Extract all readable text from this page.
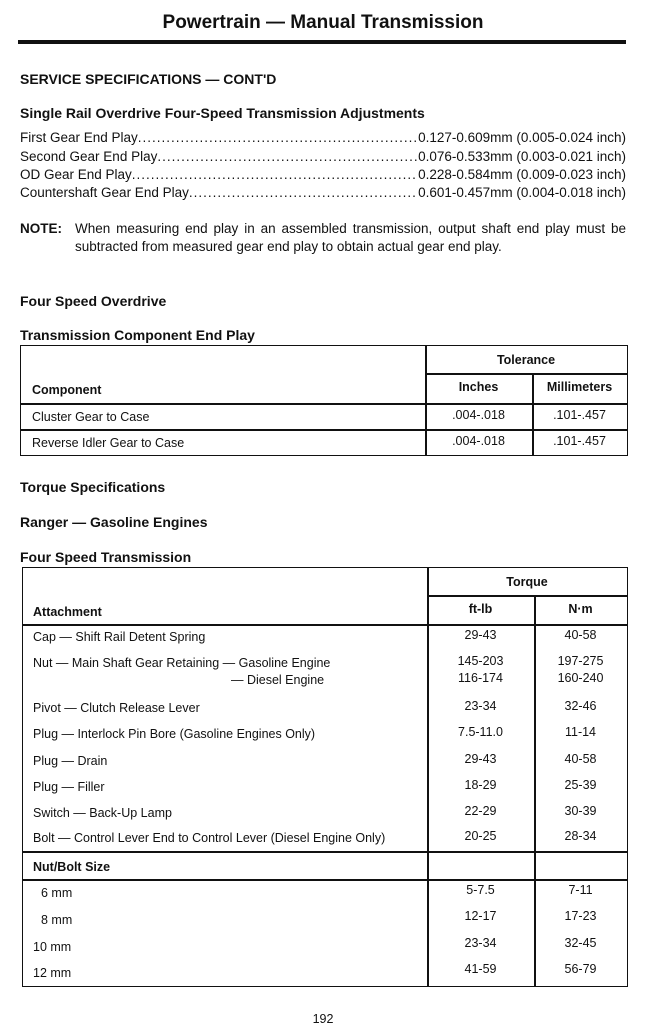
Powertrain — Manual Transmission
SERVICE SPECIFICATIONS — CONT'D
Single Rail Overdrive Four-Speed Transmission Adjustments
First Gear End Play .....	0.127-0.609mm (0.005-0.024 inch)
Second Gear End Play .....	0.076-0.533mm (0.003-0.021 inch)
OD Gear End Play .....	0.228-0.584mm (0.009-0.023 inch)
Countershaft Gear End Play .....	0.601-0.457mm (0.004-0.018 inch)
NOTE: When measuring end play in an assembled transmission, output shaft end play must be subtracted from measured gear end play to obtain actual gear end play.
Four Speed Overdrive
Transmission Component End Play
Tolerance
Component	Inches	Millimeters
Cluster Gear to Case	.004-.018	.101-.457
Reverse Idler Gear to Case	.004-.018	.101-.457
Torque Specifications
Ranger — Gasoline Engines
Four Speed Transmission
Torque
Attachment	ft-lb	N·m
Cap — Shift Rail Detent Spring	29-43	40-58
Nut — Main Shaft Gear Retaining — Gasoline Engine	145-203	197-275
— Diesel Engine	116-174	160-240
Pivot — Clutch Release Lever	23-34	32-46
Plug — Interlock Pin Bore (Gasoline Engines Only)	7.5-11.0	11-14
Plug — Drain	29-43	40-58
Plug — Filler	18-29	25-39
Switch — Back-Up Lamp	22-29	30-39
Bolt — Control Lever End to Control Lever (Diesel Engine Only)	20-25	28-34
Nut/Bolt Size
6 mm	5-7.5	7-11
8 mm	12-17	17-23
10 mm	23-34	32-45
12 mm	41-59	56-79
192
